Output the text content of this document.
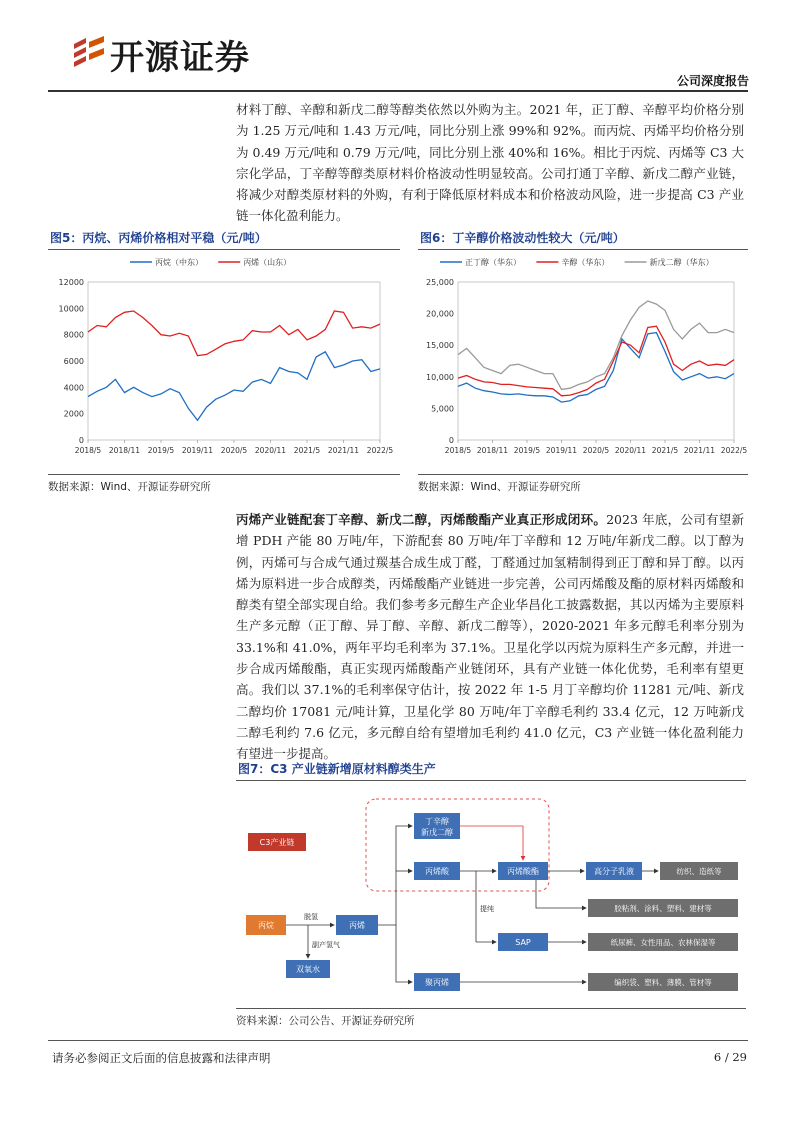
开源证券
公司深度报告

材料丁醇、辛醇和新戊二醇等醇类依然以外购为主。2021 年，正丁醇、辛醇平均价格分别为 1.25 万元/吨和 1.43 万元/吨，同比分别上涨 99%和 92%。而丙烷、丙烯平均价格分别为 0.49 万元/吨和 0.79 万元/吨，同比分别上涨 40%和 16%。相比于丙烷、丙烯等 C3 大宗化学品，丁辛醇等醇类原材料价格波动性明显较高。公司打通丁辛醇、新戊二醇产业链，将减少对醇类原材料的外购，有利于降低原材料成本和价格波动风险，进一步提高 C3 产业链一体化盈利能力。

图5：丙烷、丙烯价格相对平稳（元/吨）	图6：丁辛醇价格波动性较大（元/吨）
0
2000
4000
6000
8000
10000
12000
2018/5 2018/11 2019/5 2019/11 2020/5 2020/11 2021/5 2021/11 2022/5
丙烷（中东）	丙烯（山东）
0
5,000
10,000
15,000
20,000
25,000
2018/5 2018/11 2019/5 2019/11 2020/5 2020/11 2021/5 2021/11 2022/5
正丁醇（华东）	辛醇（华东）	新戊二醇（华东）
数据来源：Wind、开源证券研究所	数据来源：Wind、开源证券研究所

丙烯产业链配套丁辛醇、新戊二醇，丙烯酸酯产业真正形成闭环。2023 年底，公司有望新增 PDH 产能 80 万吨/年，下游配套 80 万吨/年丁辛醇和 12 万吨/年新戊二醇。以丁醇为例，丙烯可与合成气通过羰基合成生成丁醛，丁醛通过加氢精制得到正丁醇和异丁醇。以丙烯为原料进一步合成醇类，丙烯酸酯产业链进一步完善，公司丙烯酸及酯的原材料丙烯酸和醇类有望全部实现自给。我们参考多元醇生产企业华昌化工披露数据，其以丙烯为主要原料生产多元醇（正丁醇、异丁醇、辛醇、新戊二醇等），2020-2021 年多元醇毛利率分别为 33.1%和 41.0%，两年平均毛利率为 37.1%。卫星化学以丙烷为原料生产多元醇，并进一步合成丙烯酸酯，真正实现丙烯酸酯产业链闭环，具有产业链一体化优势，毛利率有望更高。我们以 37.1%的毛利率保守估计，按 2022 年 1-5 月丁辛醇均价 11281 元/吨、新戊二醇均价 17081 元/吨计算，卫星化学 80 万吨/年丁辛醇毛利约 33.4 亿元，12 万吨新戊二醇毛利约 7.6 亿元，多元醇自给有望增加毛利约 41.0 亿元，C3 产业链一体化盈利能力有望进一步提高。

图7：C3 产业链新增原材料醇类生产
C3产业链
丙烷	丙烯
双氧水
丁辛醇
新戊二醇
丙烯酸	丙烯酸酯	高分子乳液
SAP
聚丙烯
纺织、造纸等
胶粘剂、涂料、塑料、建材等
纸尿裤、女性用品、农林保湿等
编织袋、塑料、薄膜、管材等
脱氢
副产氢气
提纯
资料来源：公司公告、开源证券研究所
请务必参阅正文后面的信息披露和法律声明	6 / 29
